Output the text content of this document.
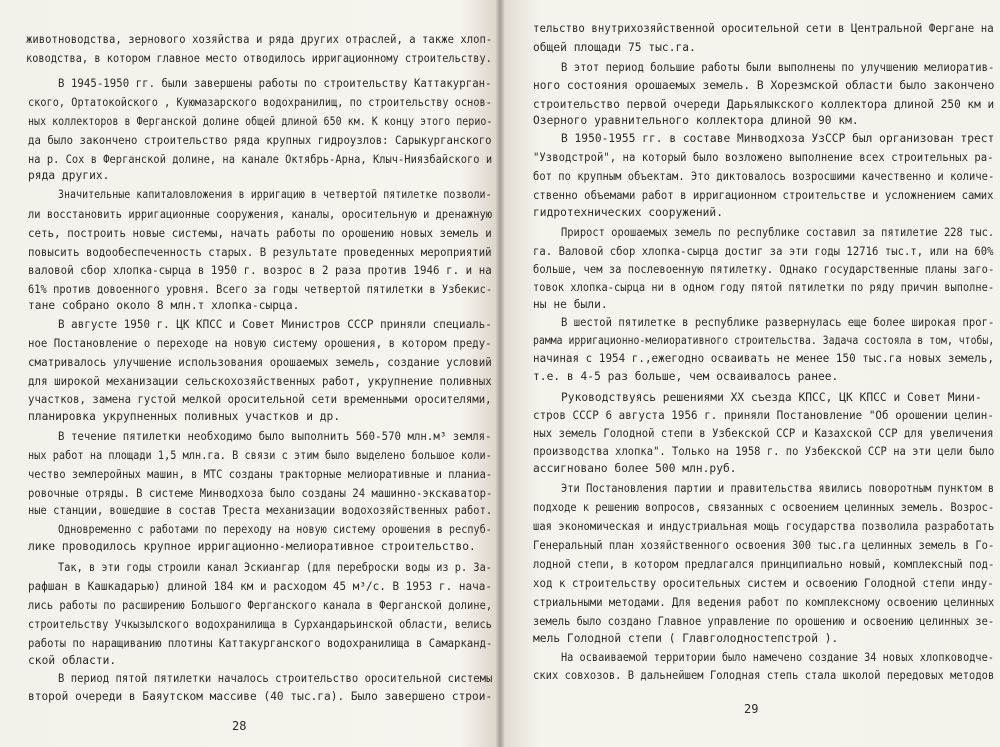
животноводства, зернового хозяйства и ряда других отраслей, а также хлоп-
ководства, в котором главное место отводилось ирригационному строительству.
В 1945-1950 гг. были завершены работы по строительству Каттакурган-
ского, Ортатокойского , Куюмазарского водохранилищ, по строительству основ-
ных коллекторов в Ферганской долине общей длиной 650 км. К концу этого перио-
да было закончено строительство ряда крупных гидроузлов: Сарыкурганского
на р. Сох в Ферганской долине, на канале Октябрь-Арна, Клыч-Ниязбайского и
ряда других.
Значительные капиталовложения в ирригацию в четвертой пятилетке позволи-
ли восстановить ирригационные сооружения, каналы, оросительную и дренажную
сеть, построить новые системы, начать работы по орошению новых земель и
повысить водообеспеченность старых. В результате проведенных мероприятий
валовой сбор хлопка-сырца в 1950 г. возрос в 2 раза против 1946 г. и на
61% против довоенного уровня. Всего за годы четвертой пятилетки в Узбекис-
тане собрано около 8 млн.т хлопка-сырца.
В августе 1950 г. ЦК КПСС и Совет Министров СССР приняли специаль-
ное Постановление о переходе на новую систему орошения, в котором преду-
сматривалось улучшение использования орошаемых земель, создание условий
для широкой механизации сельскохозяйственных работ, укрупнение поливных
участков, замена густой мелкой оросительной сети временными оросителями,
планировка укрупненных поливных участков и др.
В течение пятилетки необходимо было выполнить 560-570 млн.м³ земля-
ных работ на площади 1,5 млн.га. В связи с этим было выделено большое коли-
чество землеройных машин, в МТС созданы тракторные мелиоративные и планиа-
ровочные отряды. В системе Минводхоза было созданы 24 машинно-экскаватор-
ные станции, вошедшие в состав Треста механизации водохозяйственных работ.
Одновременно с работами по переходу на новую систему орошения в респуб-
лике проводилось крупное ирригационно-мелиоративное строительство.
Так, в эти годы строили канал Эскиангар (для переброски воды из р. За-
рафшан в Кашкадарью) длиной 184 км и расходом 45 м³/с. В 1953 г. нача-
лись работы по расширению Большого Ферганского канала в Ферганской долине,
строительству Учкызылского водохранилища в Сурхандарьинской области, велись
работы по наращиванию плотины Каттакурганского водохранилища в Самарканд-
ской области.
В период пятой пятилетки началось строительство оросительной системы
второй очереди в Баяутском массиве (40 тыс.га). Было завершено строи-
28
тельство внутрихозяйственной оросительной сети в Центральной Фергане на
общей площади 75 тыс.га.
В этот период большие работы были выполнены по улучшению мелиоратив-
ного состояния орошаемых земель. В Хорезмской области было закончено
строительство первой очереди Дарьялыкского коллектора длиной 250 км и
Озерного уравнительного коллектора длиной 90 км.
В 1950-1955 гг. в составе Минводхоза УзССР был организован трест
"Узводстрой", на который было возложено выполнение всех строительных ра-
бот по крупным объектам. Это диктовалось возросшими качественно и количе-
ственно объемами работ в ирригационном строительстве и усложнением самих
гидротехнических сооружений.
Прирост орошаемых земель по республике составил за пятилетие 228 тыс.
га. Валовой сбор хлопка-сырца достиг за эти годы 12716 тыс.т, или на 60%
больше, чем за послевоенную пятилетку. Однако государственные планы заго-
товок хлопка-сырца ни в одном году пятой пятилетки по ряду причин выполне-
ны не были.
В шестой пятилетке в республике развернулась еще более широкая прог-
рамма ирригационно-мелиоративного строительства. Задача состояла в том, чтобы,
начиная с 1954 г.,ежегодно осваивать не менее 150 тыс.га новых земель,
т.е. в 4-5 раз больше, чем осваивалось ранее.
Руководствуясь решениями XX съезда КПСС, ЦК КПСС и Совет Мини-
стров СССР 6 августа 1956 г. приняли Постановление "Об орошении целин-
ных земель Голодной степи в Узбекской ССР и Казахской ССР для увеличения
производства хлопка". Только на 1958 г. по Узбекской ССР на эти цели было
ассигновано более 500 млн.руб.
Эти Постановления партии и правительства явились поворотным пунктом в
подходе к решению вопросов, связанных с освоением целинных земель. Возрос-
шая экономическая и индустриальная мощь государства позволила разработать
Генеральный план хозяйственного освоения 300 тыс.га целинных земель в Го-
лодной степи, в котором предлагался принципиально новый, комплексный под-
ход к строительству оросительных систем и освоению Голодной степи инду-
стриальными методами. Для ведения работ по комплексному освоению целинных
земель было создано Главное управление по орошению и освоению целинных зе-
мель Голодной степи ( Главголодностепстрой ).
На осваиваемой территории было намечено создание 34 новых хлопководче-
ских совхозов. В дальнейшем Голодная степь стала школой передовых методов
29
